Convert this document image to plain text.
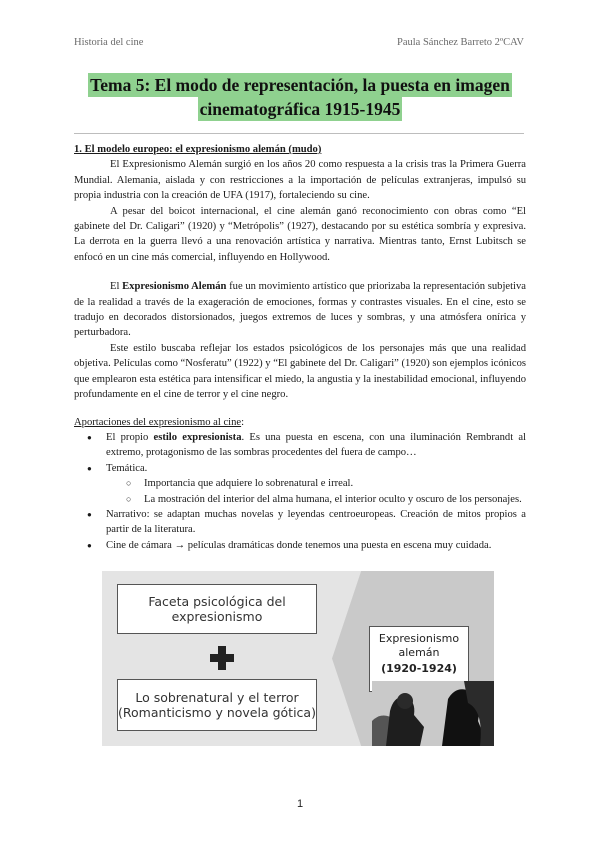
Historia del cine	Paula Sánchez Barreto 2ºCAV
Tema 5: El modo de representación, la puesta en imagen
cinematográfica 1915-1945

1. El modelo europeo: el expresionismo alemán (mudo)

El Expresionismo Alemán surgió en los años 20 como respuesta a la crisis tras la Primera Guerra Mundial. Alemania, aislada y con restricciones a la importación de películas extranjeras, impulsó su propia industria con la creación de UFA (1917), fortaleciendo su cine.

A pesar del boicot internacional, el cine alemán ganó reconocimiento con obras como “El gabinete del Dr. Caligari” (1920) y “Metrópolis” (1927), destacando por su estética sombría y expresiva. La derrota en la guerra llevó a una renovación artística y narrativa. Mientras tanto, Ernst Lubitsch se enfocó en un cine más comercial, influyendo en Hollywood.

El Expresionismo Alemán fue un movimiento artístico que priorizaba la representación subjetiva de la realidad a través de la exageración de emociones, formas y contrastes visuales. En el cine, esto se tradujo en decorados distorsionados, juegos extremos de luces y sombras, y una atmósfera onírica y perturbadora.

Este estilo buscaba reflejar los estados psicológicos de los personajes más que una realidad objetiva. Películas como “Nosferatu” (1922) y “El gabinete del Dr. Caligari” (1920) son ejemplos icónicos que emplearon esta estética para intensificar el miedo, la angustia y la inestabilidad emocional, influyendo profundamente en el cine de terror y el cine negro.

Aportaciones del expresionismo al cine:

● El propio estilo expresionista. Es una puesta en escena, con una iluminación Rembrandt al extremo, protagonismo de las sombras procedentes del fuera de campo…
● Temática.
○ Importancia que adquiere lo sobrenatural e irreal.
○ La mostración del interior del alma humana, el interior oculto y oscuro de los personajes.
● Narrativo: se adaptan muchas novelas y leyendas centroeuropeas. Creación de mitos propios a partir de la literatura.
● Cine de cámara → películas dramáticas donde tenemos una puesta en escena muy cuidada.
Faceta psicológica del expresionismo
Lo sobrenatural y el terror (Romanticismo y novela gótica)
Expresionismo alemán
(1920-1924)
1
